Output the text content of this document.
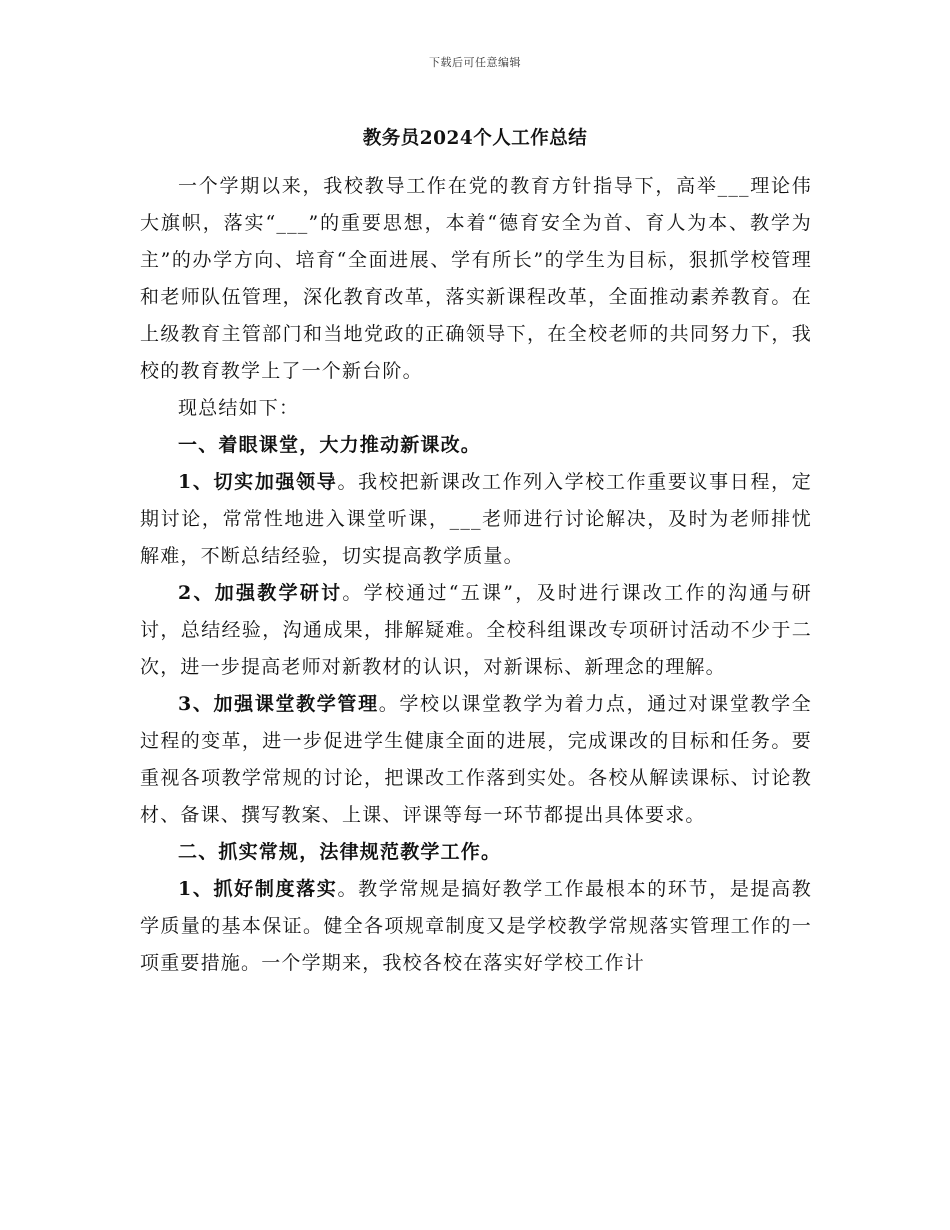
下载后可任意编辑
教务员2024个人工作总结

一个学期以来，我校教导工作在党的教育方针指导下，高举___理论伟大旗帜，落实“___”的重要思想，本着“德育安全为首、育人为本、教学为主”的办学方向、培育“全面进展、学有所长”的学生为目标，狠抓学校管理和老师队伍管理，深化教育改革，落实新课程改革，全面推动素养教育。在上级教育主管部门和当地党政的正确领导下，在全校老师的共同努力下，我校的教育教学上了一个新台阶。

现总结如下：

一、着眼课堂，大力推动新课改。

1、切实加强领导。我校把新课改工作列入学校工作重要议事日程，定期讨论，常常性地进入课堂听课，___老师进行讨论解决，及时为老师排忧解难，不断总结经验，切实提高教学质量。

2、加强教学研讨。学校通过“五课”，及时进行课改工作的沟通与研讨，总结经验，沟通成果，排解疑难。全校科组课改专项研讨活动不少于二次，进一步提高老师对新教材的认识，对新课标、新理念的理解。

3、加强课堂教学管理。学校以课堂教学为着力点，通过对课堂教学全过程的变革，进一步促进学生健康全面的进展，完成课改的目标和任务。要重视各项教学常规的讨论，把课改工作落到实处。各校从解读课标、讨论教材、备课、撰写教案、上课、评课等每一环节都提出具体要求。

二、抓实常规，法律规范教学工作。

1、抓好制度落实。教学常规是搞好教学工作最根本的环节，是提高教学质量的基本保证。健全各项规章制度又是学校教学常规落实管理工作的一项重要措施。一个学期来，我校各校在落实好学校工作计
